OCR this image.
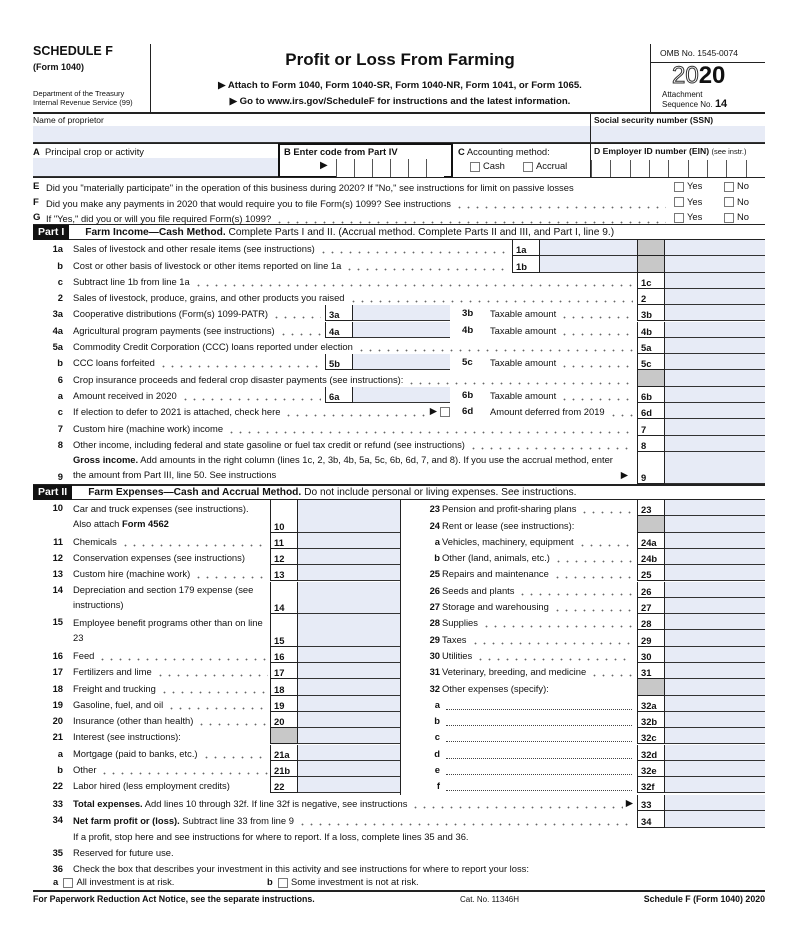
SCHEDULE F
(Form 1040)
Department of the Treasury
Internal Revenue Service (99)
Profit or Loss From Farming
▶ Attach to Form 1040, Form 1040-SR, Form 1040-NR, Form 1041, or Form 1065.
▶ Go to www.irs.gov/ScheduleF for instructions and the latest information.
OMB No. 1545-0074
2020
Attachment
Sequence No. 14
Name of proprietor	Social security number (SSN)
A Principal crop or activity	B Enter code from Part IV
▶
C Accounting method:
Cash	Accrual
D Employer ID number (EIN) (see instr.)
E Did you "materially participate" in the operation of this business during 2020? If "No," see instructions for limit on passive losses	Yes	No
F Did you make any payments in 2020 that would require you to file Form(s) 1099? See instructions	Yes	No
G If "Yes," did you or will you file required Form(s) 1099?	Yes	No
Part I	Farm Income—Cash Method.
Complete Parts I and II. (Accrual method. Complete Parts II and III, and Part I, line 9.)
1a Sales of livestock and other resale items (see instructions)	1a
b Cost or other basis of livestock or other items reported on line 1a	1b
c Subtract line 1b from line 1a	1c
2 Sales of livestock, produce, grains, and other products you raised	2
3a Cooperative distributions (Form(s) 1099-PATR)	3a	3b Taxable amount	3b
4a Agricultural program payments (see instructions)	4a	4b Taxable amount	4b
5a Commodity Credit Corporation (CCC) loans reported under election	5a
b CCC loans forfeited	5b	5c Taxable amount	5c
6 Crop insurance proceeds and federal crop disaster payments (see instructions):
a Amount received in 2020	6a	6b Taxable amount	6b
c If election to defer to 2021 is attached, check here	▶	6d Amount deferred from 2019	6d
7 Custom hire (machine work) income	7
8 Other income, including federal and state gasoline or fuel tax credit or refund (see instructions)	8
9
Gross income. Add amounts in the right column (lines 1c, 2, 3b, 4b, 5a, 5c, 6b, 6d, 7, and 8). If you use the accrual method, enter the amount from Part III, line 50. See instructions	▶	9
Part II	Farm Expenses—Cash and Accrual Method.
Do not include personal or living expenses. See instructions.
10 Car and truck expenses (see instructions). Also attach Form 4562	10
11 Chemicals	11
12 Conservation expenses (see instructions)	12
13 Custom hire (machine work)	13
14 Depreciation and section 179 expense (see instructions)	14
15 Employee benefit programs other than on line 23	15
16 Feed	16
17 Fertilizers and lime	17
18 Freight and trucking	18
19 Gasoline, fuel, and oil	19
20 Insurance (other than health)	20
21 Interest (see instructions):
a Mortgage (paid to banks, etc.)	21a
b Other	21b
22 Labor hired (less employment credits)	22
23 Pension and profit-sharing plans	23
24 Rent or lease (see instructions):
a Vehicles, machinery, equipment	24a
b Other (land, animals, etc.)	24b
25 Repairs and maintenance	25
26 Seeds and plants	26
27 Storage and warehousing	27
28 Supplies	28
29 Taxes	29
30 Utilities	30
31 Veterinary, breeding, and medicine	31
32 Other expenses (specify):
a	32a
b	32b
c	32c
d	32d
e	32e
f	32f
33 Total expenses. Add lines 10 through 32f. If line 32f is negative, see instructions	▶ 33
34 Net farm profit or (loss). Subtract line 33 from line 9	34
If a profit, stop here and see instructions for where to report. If a loss, complete lines 35 and 36.
35 Reserved for future use.
36 Check the box that describes your investment in this activity and see instructions for where to report your loss:
a All investment is at risk.	b Some investment is not at risk.
For Paperwork Reduction Act Notice, see the separate instructions.	Cat. No. 11346H	Schedule F (Form 1040) 2020
